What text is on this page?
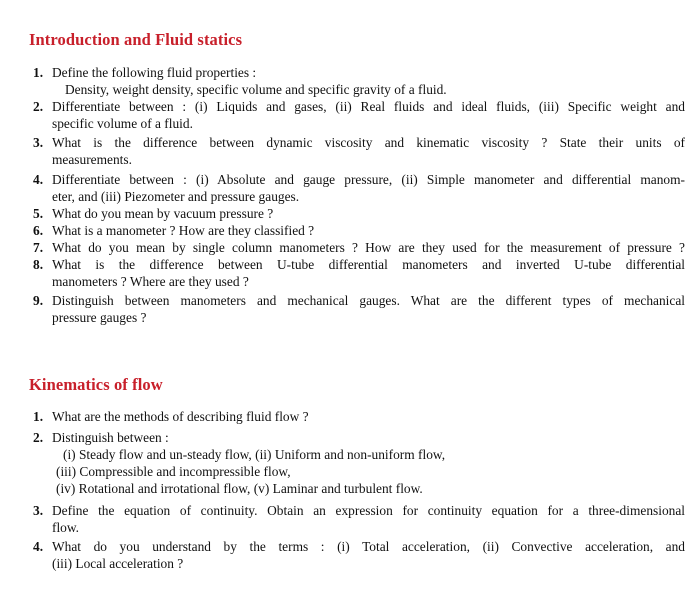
Introduction and Fluid statics
1. Define the following fluid properties :
Density, weight density, specific volume and specific gravity of a fluid.
2. Differentiate between : (i) Liquids and gases, (ii) Real fluids and ideal fluids, (iii) Specific weight and
specific volume of a fluid.
3. What is the difference between dynamic viscosity and kinematic viscosity ? State their units of
measurements.
4. Differentiate between : (i) Absolute and gauge pressure, (ii) Simple manometer and differential manom-
eter, and (iii) Piezometer and pressure gauges.
5. What do you mean by vacuum pressure ?
6. What is a manometer ? How are they classified ?
7. What do you mean by single column manometers ? How are they used for the measurement of pressure ?
8. What is the difference between U-tube differential manometers and inverted U-tube differential
manometers ? Where are they used ?
9. Distinguish between manometers and mechanical gauges. What are the different types of mechanical
pressure gauges ?
Kinematics of flow
1. What are the methods of describing fluid flow ?
2. Distinguish between :
(i) Steady flow and un-steady flow, (ii) Uniform and non-uniform flow,
(iii) Compressible and incompressible flow,
(iv) Rotational and irrotational flow, (v) Laminar and turbulent flow.
3. Define the equation of continuity. Obtain an expression for continuity equation for a three-dimensional
flow.
4. What do you understand by the terms : (i) Total acceleration, (ii) Convective acceleration, and
(iii) Local acceleration ?
